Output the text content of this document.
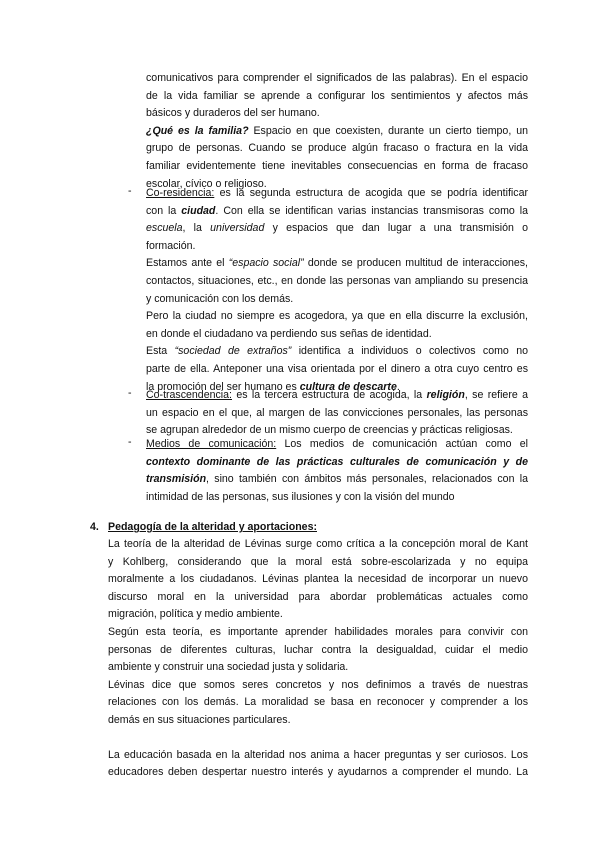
comunicativos para comprender el significados de las palabras). En el espacio
de la vida familiar se aprende a configurar los sentimientos y afectos más
básicos y duraderos del ser humano.
¿Qué es la familia? Espacio en que coexisten, durante un cierto tiempo, un
grupo de personas. Cuando se produce algún fracaso o fractura en la vida
familiar evidentemente tiene inevitables consecuencias en forma de fracaso
escolar, cívico o religioso.
- Co-residencia: es la segunda estructura de acogida que se podría identificar
con la ciudad. Con ella se identifican varias instancias transmisoras como la
escuela, la universidad y espacios que dan lugar a una transmisión o
formación.
Estamos ante el “espacio social” donde se producen multitud de interacciones,
contactos, situaciones, etc., en donde las personas van ampliando su presencia
y comunicación con los demás.
Pero la ciudad no siempre es acogedora, ya que en ella discurre la exclusión,
en donde el ciudadano va perdiendo sus señas de identidad.
Esta “sociedad de extraños” identifica a individuos o colectivos como no
parte de ella. Anteponer una visa orientada por el dinero a otra cuyo centro es
la promoción del ser humano es cultura de descarte.
- Co-trascendencia: es la tercera estructura de acogida, la religión, se refiere a
un espacio en el que, al margen de las convicciones personales, las personas
se agrupan alrededor de un mismo cuerpo de creencias y prácticas religiosas.
- Medios de comunicación: Los medios de comunicación actúan como el
contexto dominante de las prácticas culturales de comunicación y de
transmisión, sino también con ámbitos más personales, relacionados con la
intimidad de las personas, sus ilusiones y con la visión del mundo
4. Pedagogía de la alteridad y aportaciones:
La teoría de la alteridad de Lévinas surge como crítica a la concepción moral de Kant
y Kohlberg, considerando que la moral está sobre-escolarizada y no equipa
moralmente a los ciudadanos. Lévinas plantea la necesidad de incorporar un nuevo
discurso moral en la universidad para abordar problemáticas actuales como
migración, política y medio ambiente.
Según esta teoría, es importante aprender habilidades morales para convivir con
personas de diferentes culturas, luchar contra la desigualdad, cuidar el medio
ambiente y construir una sociedad justa y solidaria.
Lévinas dice que somos seres concretos y nos definimos a través de nuestras
relaciones con los demás. La moralidad se basa en reconocer y comprender a los
demás en sus situaciones particulares.
La educación basada en la alteridad nos anima a hacer preguntas y ser curiosos. Los
educadores deben despertar nuestro interés y ayudarnos a comprender el mundo. La
